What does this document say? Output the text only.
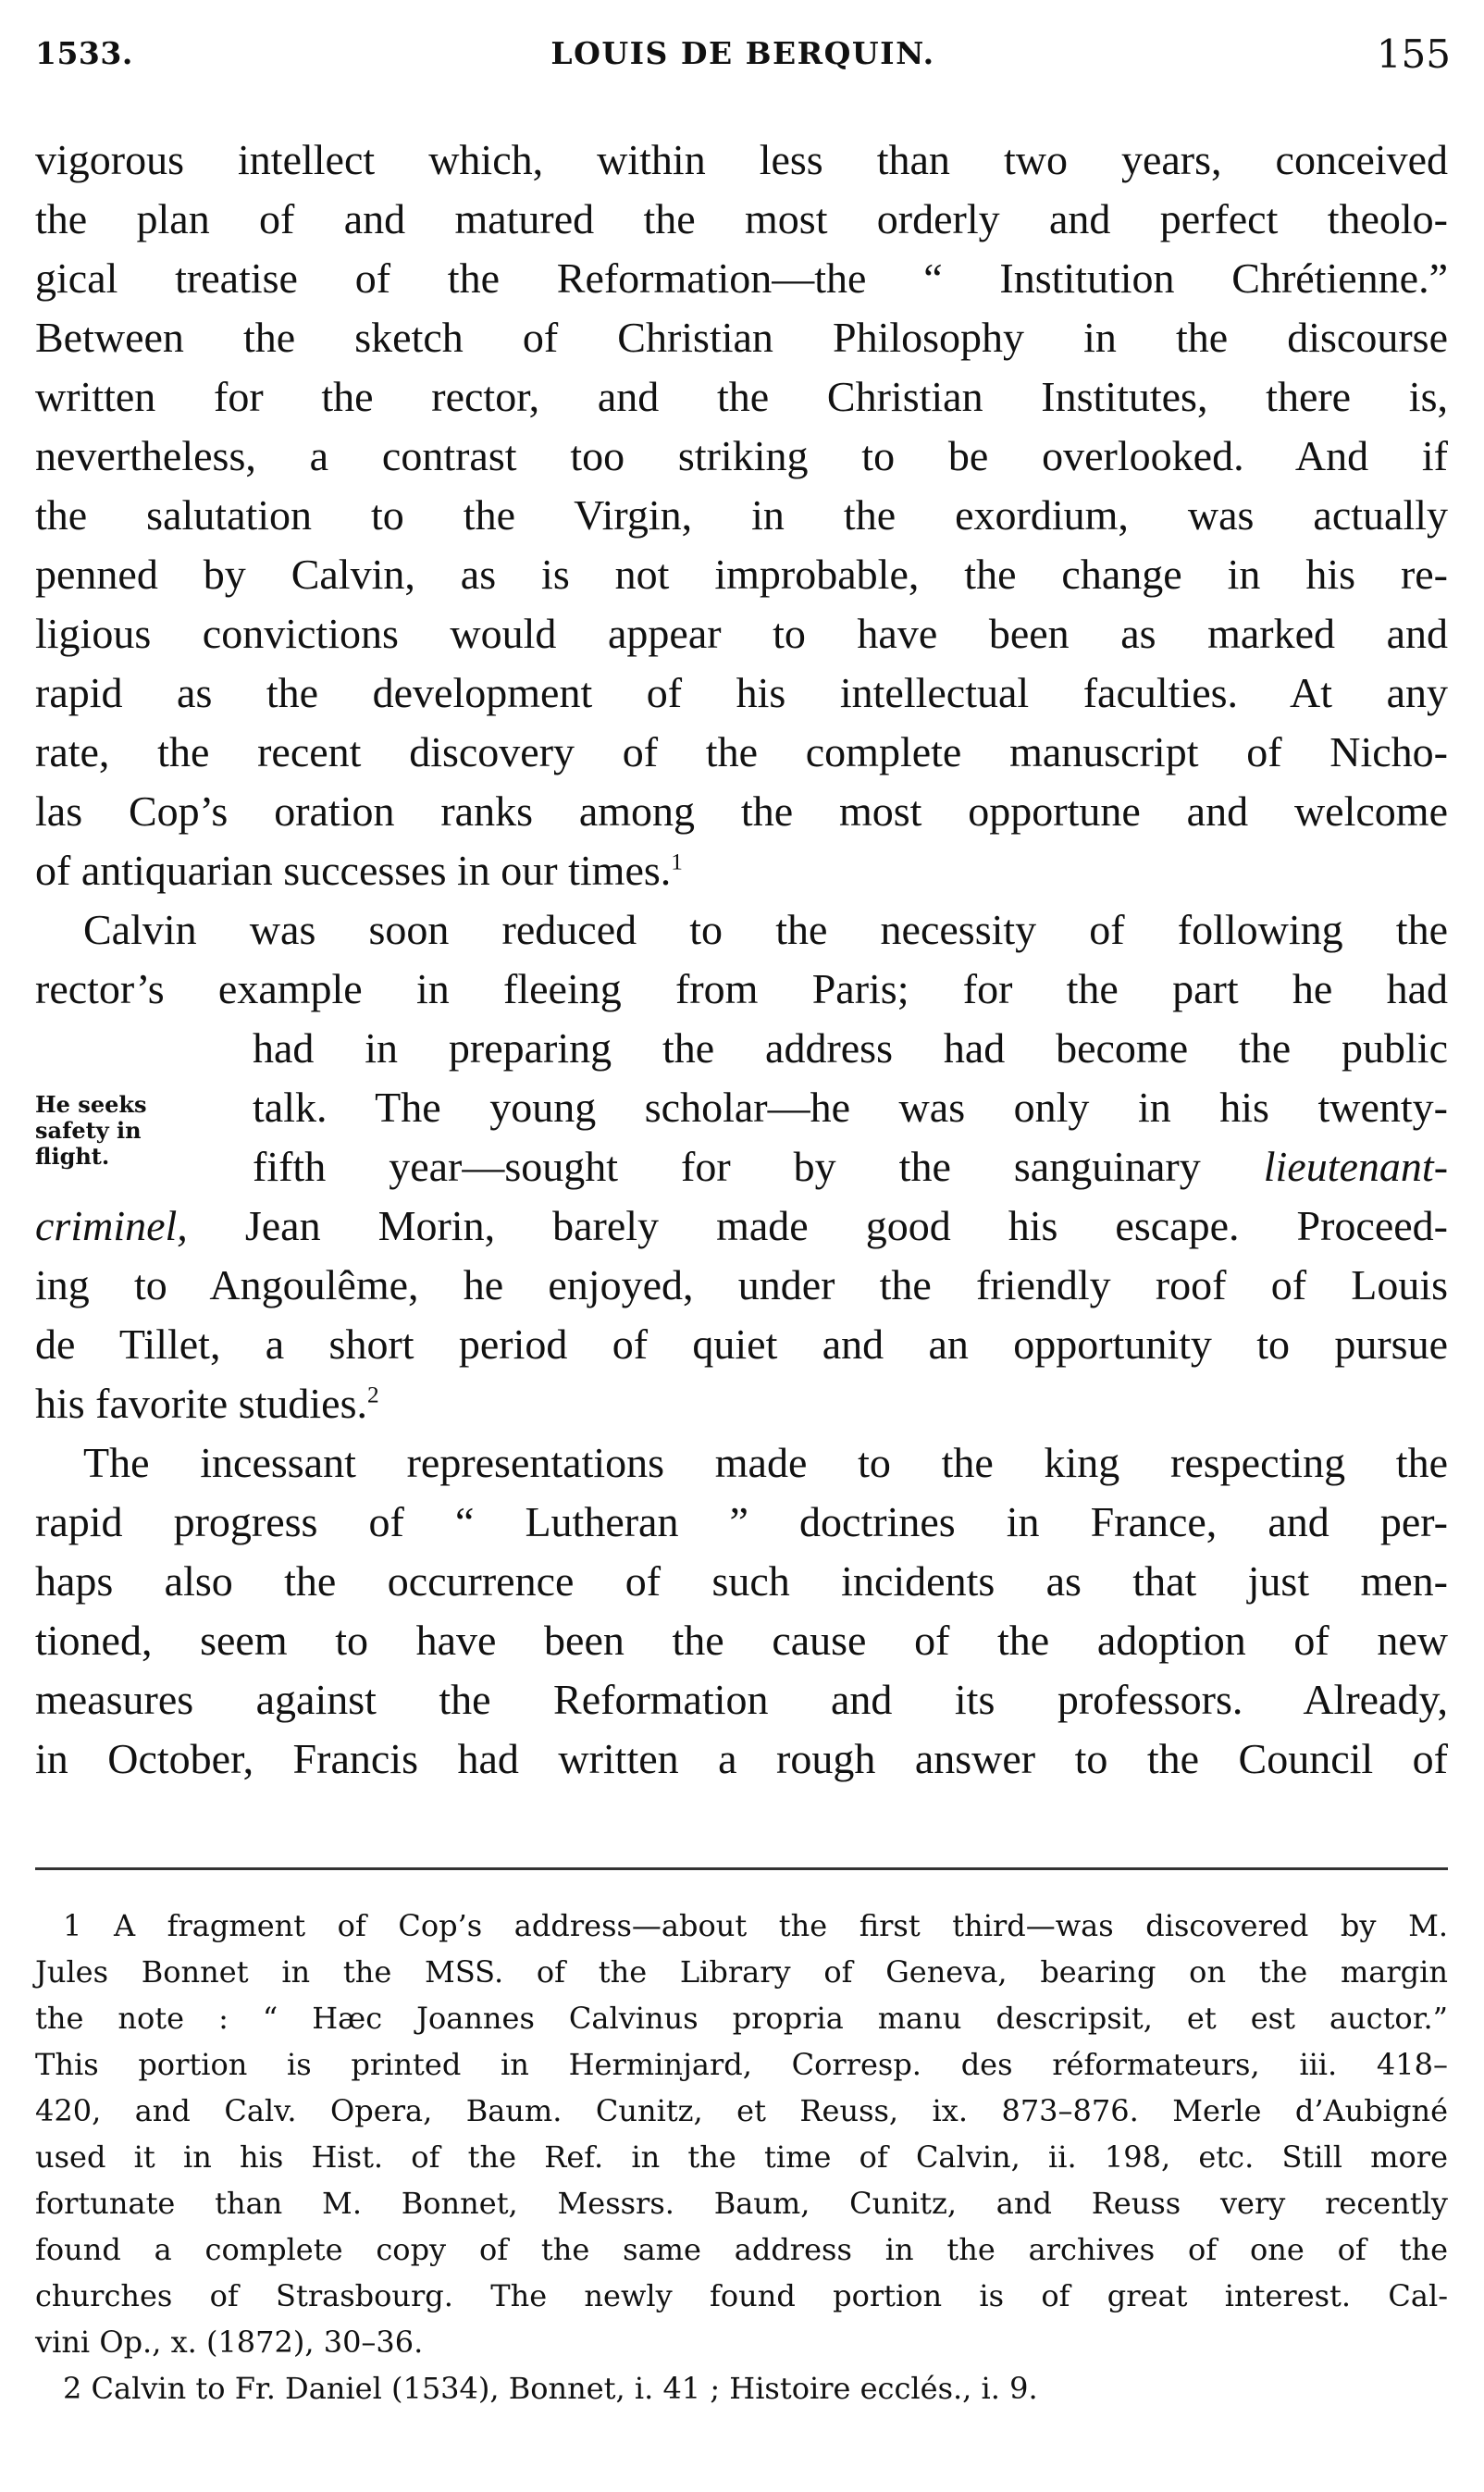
1533.	LOUIS DE BERQUIN.	155
vigorous intellect which, within less than two years, conceived
the plan of and matured the most orderly and perfect theolo-
gical treatise of the Reformation—the “ Institution Chrétienne.”
Between the sketch of Christian Philosophy in the discourse
written for the rector, and the Christian Institutes, there is,
nevertheless, a contrast too striking to be overlooked. And if
the salutation to the Virgin, in the exordium, was actually
penned by Calvin, as is not improbable, the change in his re-
ligious convictions would appear to have been as marked and
rapid as the development of his intellectual faculties. At any
rate, the recent discovery of the complete manuscript of Nicho-
las Cop’s oration ranks among the most opportune and welcome
of antiquarian successes in our times.$^1$
Calvin was soon reduced to the necessity of following the
rector’s example in fleeing from Paris; for the part he had
had in preparing the address had become the public
talk. The young scholar—he was only in his twenty-
fifth year—sought for by the sanguinary lieutenant-
criminel, Jean Morin, barely made good his escape. Proceed-
ing to Angoulême, he enjoyed, under the friendly roof of Louis
de Tillet, a short period of quiet and an opportunity to pursue
his favorite studies.$^2$
The incessant representations made to the king respecting the
rapid progress of “ Lutheran ” doctrines in France, and per-
haps also the occurrence of such incidents as that just men-
tioned, seem to have been the cause of the adoption of new
measures against the Reformation and its professors. Already,
in October, Francis had written a rough answer to the Council of
He seeks
safety in
flight.
1 A fragment of Cop’s address—about the first third—was discovered by M.
Jules Bonnet in the MSS. of the Library of Geneva, bearing on the margin
the note : “ Hæc Joannes Calvinus propria manu descripsit, et est auctor.”
This portion is printed in Herminjard, Corresp. des réformateurs, iii. 418–
420, and Calv. Opera, Baum. Cunitz, et Reuss, ix. 873–876. Merle d’Aubigné
used it in his Hist. of the Ref. in the time of Calvin, ii. 198, etc. Still more
fortunate than M. Bonnet, Messrs. Baum, Cunitz, and Reuss very recently
found a complete copy of the same address in the archives of one of the
churches of Strasbourg. The newly found portion is of great interest. Cal-
vini Op., x. (1872), 30–36.
2 Calvin to Fr. Daniel (1534), Bonnet, i. 41 ; Histoire ecclés., i. 9.
